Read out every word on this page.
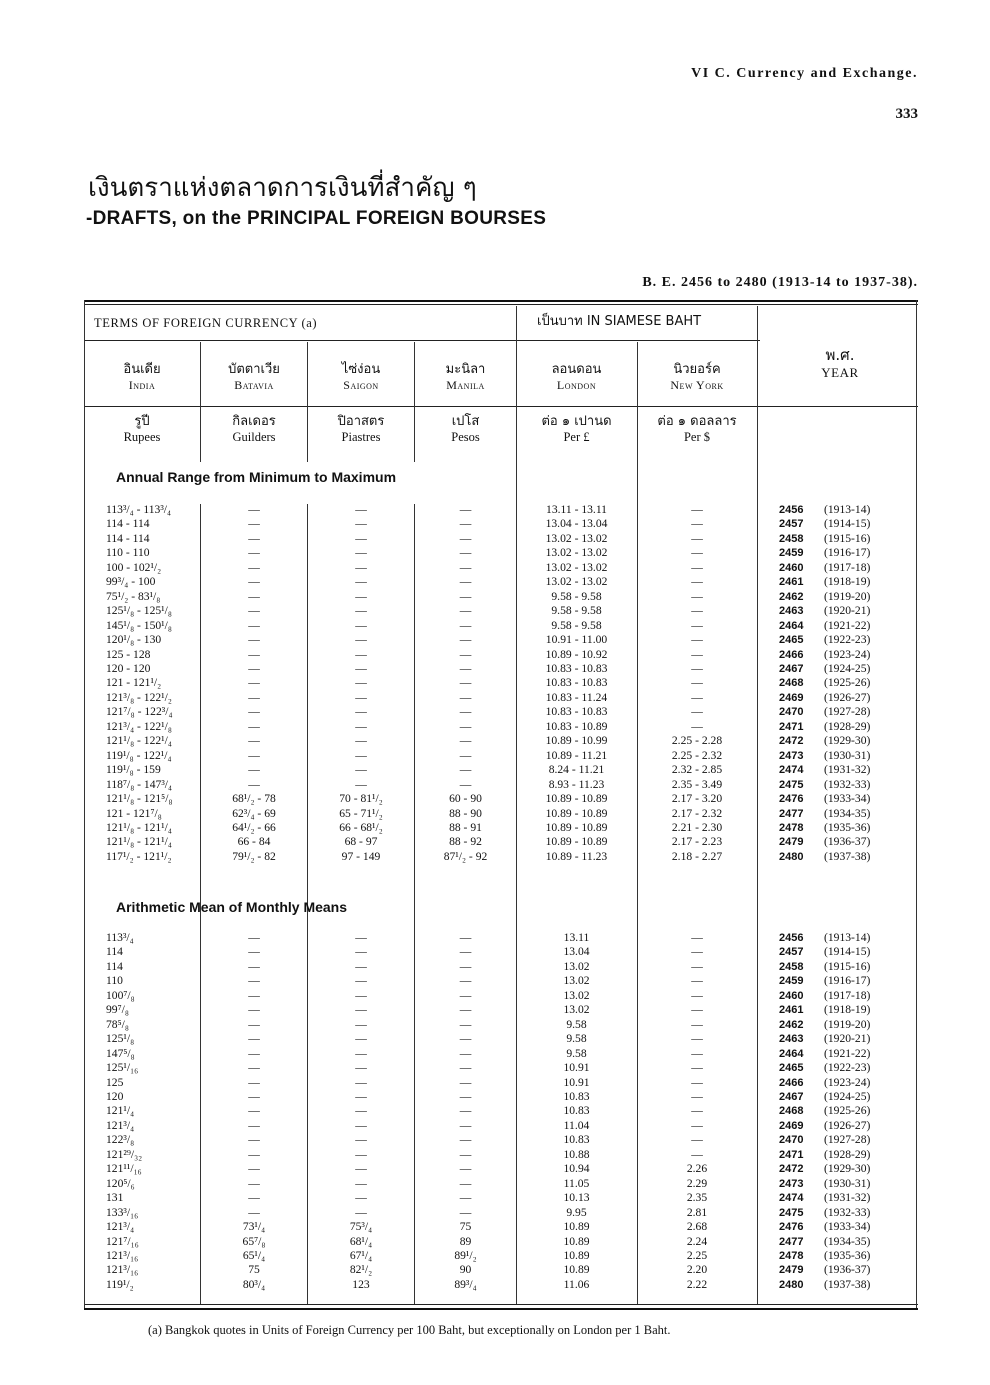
VI C. Currency and Exchange.
333
เงินตราแห่งตลาดการเงินที่สำคัญ ๆ
-DRAFTS, on the PRINCIPAL FOREIGN BOURSES
B. E. 2456 to 2480 (1913-14 to 1937-38).
TERMS OF FOREIGN CURRENCY (a)	เป็นบาท IN SIAMESE BAHT
พ.ศ.
YEAR
อินเดีย
India
รูปี
Rupees
บัตตาเวีย
Batavia
กิลเดอร
Guilders
ไซ่ง่อน
Saigon
ปิอาสตร
Piastres
มะนิลา
Manila
เปโส
Pesos
ลอนดอน
London
ต่อ ๑ เปานด
Per £
นิวยอร์ค
New York
ต่อ ๑ ดอลลาร
Per $
Annual Range from Minimum to Maximum
Arithmetic Mean of Monthly Means
113³/₄ - 113³/₄
114 - 114
114 - 114
110 - 110
100 - 102¹/₂
99³/₄ - 100
75¹/₂ - 83¹/₈
125¹/₈ - 125¹/₈
145¹/₈ - 150¹/₈
120¹/₈ - 130
125 - 128
120 - 120
121 - 121¹/₂
121³/₈ - 122¹/₂
121⁷/₈ - 122³/₄
121³/₄ - 122¹/₈
121¹/₈ - 122¹/₄
119¹/₈ - 122¹/₄
119¹/₈ - 159
118⁷/₈ - 147³/₄
121¹/₈ - 121⁵/₈
121 - 121⁷/₈
121¹/₈ - 121¹/₄
121¹/₈ - 121¹/₄
117¹/₂ - 121¹/₂
—
—
—
—
—
—
—
—
—
—
—
—
—
—
—
—
—
—
—
—
68¹/₂ - 78
62³/₄ - 69
64¹/₂ - 66
66 - 84
79¹/₂ - 82
—
—
—
—
—
—
—
—
—
—
—
—
—
—
—
—
—
—
—
—
70 - 81¹/₂
65 - 71¹/₂
66 - 68¹/₂
68 - 97
97 - 149
—
—
—
—
—
—
—
—
—
—
—
—
—
—
—
—
—
—
—
—
60 - 90
88 - 90
88 - 91
88 - 92
87¹/₂ - 92
13.11 - 13.11
13.04 - 13.04
13.02 - 13.02
13.02 - 13.02
13.02 - 13.02
13.02 - 13.02
9.58 - 9.58
9.58 - 9.58
9.58 - 9.58
10.91 - 11.00
10.89 - 10.92
10.83 - 10.83
10.83 - 10.83
10.83 - 11.24
10.83 - 10.83
10.83 - 10.89
10.89 - 10.99
10.89 - 11.21
8.24 - 11.21
8.93 - 11.23
10.89 - 10.89
10.89 - 10.89
10.89 - 10.89
10.89 - 10.89
10.89 - 11.23
—
—
—
—
—
—
—
—
—
—
—
—
—
—
—
—
2.25 - 2.28
2.25 - 2.32
2.32 - 2.85
2.35 - 3.49
2.17 - 3.20
2.17 - 2.32
2.21 - 2.30
2.17 - 2.23
2.18 - 2.27
2456
2457
2458
2459
2460
2461
2462
2463
2464
2465
2466
2467
2468
2469
2470
2471
2472
2473
2474
2475
2476
2477
2478
2479
2480
(1913-14)
(1914-15)
(1915-16)
(1916-17)
(1917-18)
(1918-19)
(1919-20)
(1920-21)
(1921-22)
(1922-23)
(1923-24)
(1924-25)
(1925-26)
(1926-27)
(1927-28)
(1928-29)
(1929-30)
(1930-31)
(1931-32)
(1932-33)
(1933-34)
(1934-35)
(1935-36)
(1936-37)
(1937-38)
113³/₄
114
114
110
100⁷/₈
99⁷/₈
78⁵/₈
125¹/₈
147⁵/₈
125¹/₁₆
125
120
121¹/₄
121³/₄
122³/₈
121²⁹/₃₂
121¹¹/₁₆
120⁵/₆
131
133³/₁₆
121³/₄
121⁷/₁₆
121³/₁₆
121³/₁₆
119¹/₂
—
—
—
—
—
—
—
—
—
—
—
—
—
—
—
—
—
—
—
—
73¹/₄
65⁷/₈
65¹/₄
75
80³/₄
—
—
—
—
—
—
—
—
—
—
—
—
—
—
—
—
—
—
—
—
75³/₄
68¹/₄
67¹/₄
82¹/₂
123
—
—
—
—
—
—
—
—
—
—
—
—
—
—
—
—
—
—
—
—
75
89
89¹/₂
90
89³/₄
13.11
13.04
13.02
13.02
13.02
13.02
9.58
9.58
9.58
10.91
10.91
10.83
10.83
11.04
10.83
10.88
10.94
11.05
10.13
9.95
10.89
10.89
10.89
10.89
11.06
—
—
—
—
—
—
—
—
—
—
—
—
—
—
—
—
2.26
2.29
2.35
2.81
2.68
2.24
2.25
2.20
2.22
2456
2457
2458
2459
2460
2461
2462
2463
2464
2465
2466
2467
2468
2469
2470
2471
2472
2473
2474
2475
2476
2477
2478
2479
2480
(1913-14)
(1914-15)
(1915-16)
(1916-17)
(1917-18)
(1918-19)
(1919-20)
(1920-21)
(1921-22)
(1922-23)
(1923-24)
(1924-25)
(1925-26)
(1926-27)
(1927-28)
(1928-29)
(1929-30)
(1930-31)
(1931-32)
(1932-33)
(1933-34)
(1934-35)
(1935-36)
(1936-37)
(1937-38)
(a) Bangkok quotes in Units of Foreign Currency per 100 Baht, but exceptionally on London per 1 Baht.
